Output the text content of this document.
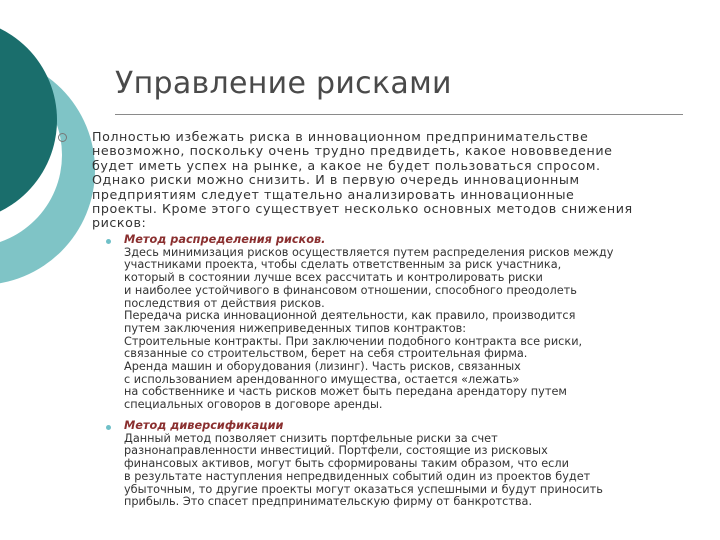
Управление рисками
Полностью избежать риска в инновационном предпринимательстве
невозможно, поскольку очень трудно предвидеть, какое нововведение
будет иметь успех на рынке, а какое не будет пользоваться спросом.
Однако риски можно снизить. И в первую очередь инновационным
предприятиям следует тщательно анализировать инновационные
проекты. Кроме этого существует несколько основных методов снижения
рисков:

Метод распределения рисков.

Здесь минимизация рисков осуществляется путем распределения рисков между

участниками проекта, чтобы сделать ответственным за риск участника,

который в состоянии лучше всех рассчитать и контролировать риски

и наиболее устойчивого в финансовом отношении, способного преодолеть

последствия от действия рисков.

Передача риска инновационной деятельности, как правило, производится

путем заключения нижеприведенных типов контрактов:

Строительные контракты. При заключении подобного контракта все риски,

связанные со строительством, берет на себя строительная фирма.

Аренда машин и оборудования (лизинг). Часть рисков, связанных

с использованием арендованного имущества, остается «лежать»

на собственнике и часть рисков может быть передана арендатору путем

специальных оговоров в договоре аренды.

Метод диверсификации

Данный метод позволяет снизить портфельные риски за счет

разнонаправленности инвестиций. Портфели, состоящие из рисковых

финансовых активов, могут быть сформированы таким образом, что если

в результате наступления непредвиденных событий один из проектов будет

убыточным, то другие проекты могут оказаться успешными и будут приносить

прибыль. Это спасет предпринимательскую фирму от банкротства.
